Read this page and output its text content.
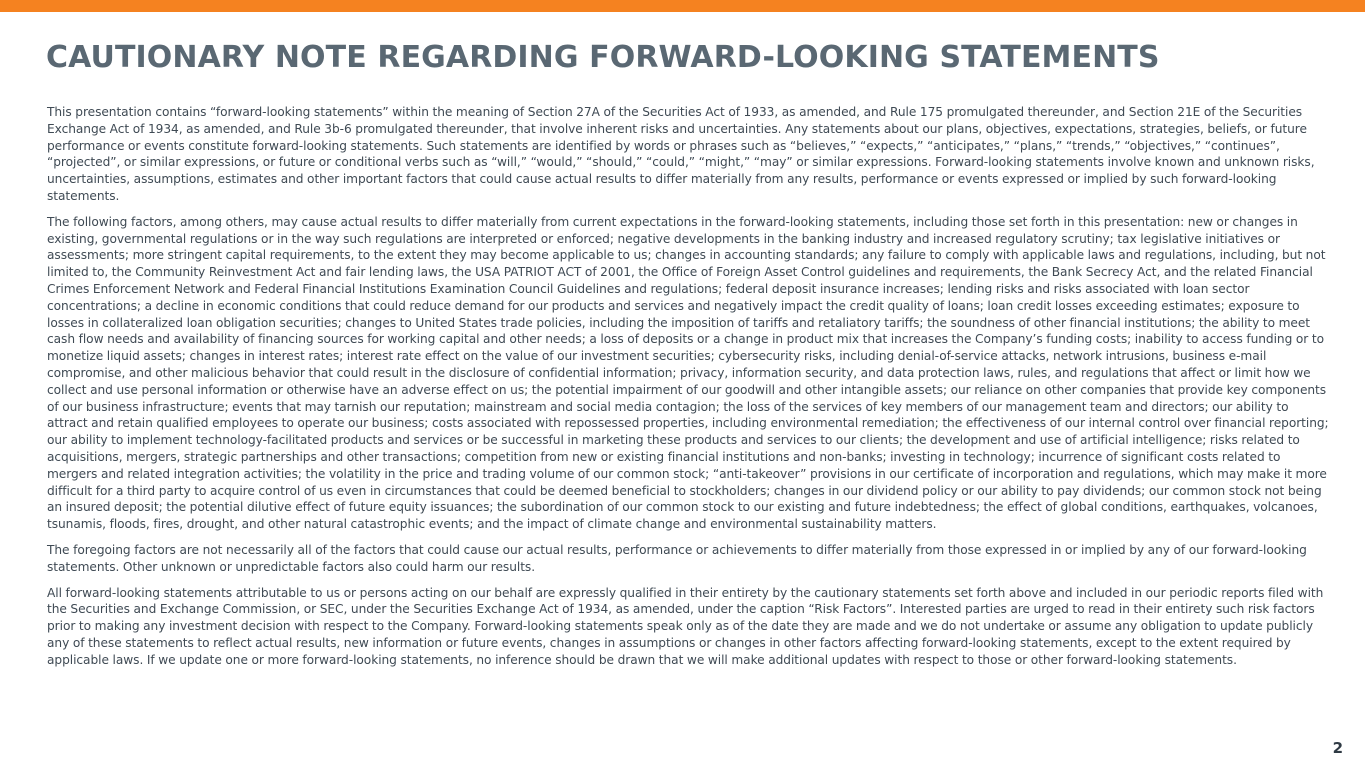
CAUTIONARY NOTE REGARDING FORWARD-LOOKING STATEMENTS

This presentation contains “forward-looking statements” within the meaning of Section 27A of the Securities Act of 1933, as amended, and Rule 175 promulgated thereunder, and Section 21E of the Securities Exchange Act of 1934, as amended, and Rule 3b-6 promulgated thereunder, that involve inherent risks and uncertainties. Any statements about our plans, objectives, expectations, strategies, beliefs, or future performance or events constitute forward-looking statements. Such statements are identified by words or phrases such as “believes,” “expects,” “anticipates,” “plans,” “trends,” “objectives,” “continues”, “projected”, or similar expressions, or future or conditional verbs such as “will,” “would,” “should,” “could,” “might,” “may” or similar expressions. Forward-looking statements involve known and unknown risks, uncertainties, assumptions, estimates and other important factors that could cause actual results to differ materially from any results, performance or events expressed or implied by such forward-looking statements.

The following factors, among others, may cause actual results to differ materially from current expectations in the forward-looking statements, including those set forth in this presentation: new or changes in existing, governmental regulations or in the way such regulations are interpreted or enforced; negative developments in the banking industry and increased regulatory scrutiny; tax legislative initiatives or assessments; more stringent capital requirements, to the extent they may become applicable to us; changes in accounting standards; any failure to comply with applicable laws and regulations, including, but not limited to, the Community Reinvestment Act and fair lending laws, the USA PATRIOT ACT of 2001, the Office of Foreign Asset Control guidelines and requirements, the Bank Secrecy Act, and the related Financial Crimes Enforcement Network and Federal Financial Institutions Examination Council Guidelines and regulations; federal deposit insurance increases; lending risks and risks associated with loan sector concentrations; a decline in economic conditions that could reduce demand for our products and services and negatively impact the credit quality of loans; loan credit losses exceeding estimates; exposure to losses in collateralized loan obligation securities; changes to United States trade policies, including the imposition of tariffs and retaliatory tariffs; the soundness of other financial institutions; the ability to meet cash flow needs and availability of financing sources for working capital and other needs; a loss of deposits or a change in product mix that increases the Company’s funding costs; inability to access funding or to monetize liquid assets; changes in interest rates; interest rate effect on the value of our investment securities; cybersecurity risks, including denial-of-service attacks, network intrusions, business e-mail compromise, and other malicious behavior that could result in the disclosure of confidential information; privacy, information security, and data protection laws, rules, and regulations that affect or limit how we collect and use personal information or otherwise have an adverse effect on us; the potential impairment of our goodwill and other intangible assets; our reliance on other companies that provide key components of our business infrastructure; events that may tarnish our reputation; mainstream and social media contagion; the loss of the services of key members of our management team and directors; our ability to attract and retain qualified employees to operate our business; costs associated with repossessed properties, including environmental remediation; the effectiveness of our internal control over financial reporting; our ability to implement technology-facilitated products and services or be successful in marketing these products and services to our clients; the development and use of artificial intelligence; risks related to acquisitions, mergers, strategic partnerships and other transactions; competition from new or existing financial institutions and non-banks; investing in technology; incurrence of significant costs related to mergers and related integration activities; the volatility in the price and trading volume of our common stock; “anti-takeover” provisions in our certificate of incorporation and regulations, which may make it more difficult for a third party to acquire control of us even in circumstances that could be deemed beneficial to stockholders; changes in our dividend policy or our ability to pay dividends; our common stock not being an insured deposit; the potential dilutive effect of future equity issuances; the subordination of our common stock to our existing and future indebtedness; the effect of global conditions, earthquakes, volcanoes, tsunamis, floods, fires, drought, and other natural catastrophic events; and the impact of climate change and environmental sustainability matters.

The foregoing factors are not necessarily all of the factors that could cause our actual results, performance or achievements to differ materially from those expressed in or implied by any of our forward-looking statements. Other unknown or unpredictable factors also could harm our results.

All forward-looking statements attributable to us or persons acting on our behalf are expressly qualified in their entirety by the cautionary statements set forth above and included in our periodic reports filed with the Securities and Exchange Commission, or SEC, under the Securities Exchange Act of 1934, as amended, under the caption “Risk Factors”. Interested parties are urged to read in their entirety such risk factors prior to making any investment decision with respect to the Company. Forward-looking statements speak only as of the date they are made and we do not undertake or assume any obligation to update publicly any of these statements to reflect actual results, new information or future events, changes in assumptions or changes in other factors affecting forward-looking statements, except to the extent required by applicable laws. If we update one or more forward-looking statements, no inference should be drawn that we will make additional updates with respect to those or other forward-looking statements.

2
